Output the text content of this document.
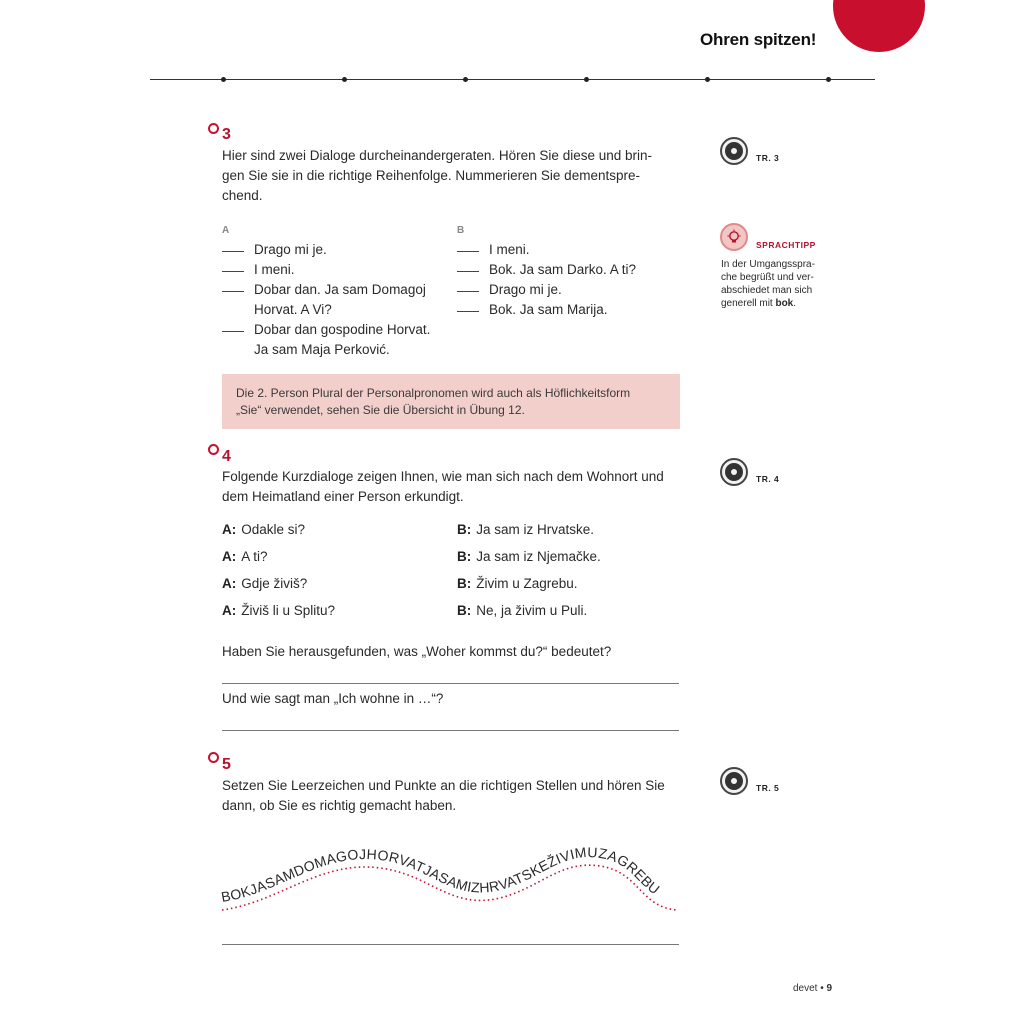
Ohren spitzen!
3
Hier sind zwei Dialoge durcheinandergeraten. Hören Sie diese und brin-
gen Sie sie in die richtige Reihenfolge. Nummerieren Sie dementspre-
chend.
TR. 3
A	B
Drago mi je.
I meni.
Dobar dan. Ja sam Domagoj
Horvat. A Vi?
Dobar dan gospodine Horvat.
Ja sam Maja Perković.
I meni.
Bok. Ja sam Darko. A ti?
Drago mi je.
Bok. Ja sam Marija.
SPRACHTIPP
In der Umgangsspra-
che begrüßt und ver-
abschiedet man sich
generell mit bok.
Die 2. Person Plural der Personalpronomen wird auch als Höflichkeitsform
„Sie“ verwendet, sehen Sie die Übersicht in Übung 12.
4
Folgende Kurzdialoge zeigen Ihnen, wie man sich nach dem Wohnort und
dem Heimatland einer Person erkundigt.
TR. 4
A: Odakle si?
A: A ti?
A: Gdje živiš?
A: Živiš li u Splitu?
B: Ja sam iz Hrvatske.
B: Ja sam iz Njemačke.
B: Živim u Zagrebu.
B: Ne, ja živim u Puli.
Haben Sie herausgefunden, was „Woher kommst du?“ bedeutet?
Und wie sagt man „Ich wohne in …“?
5
Setzen Sie Leerzeichen und Punkte an die richtigen Stellen und hören Sie
dann, ob Sie es richtig gemacht haben.
TR. 5
BOKJASAMDOMAGOJHORVATJASAMIZHRVATSKEŽIVIMUZAGREBU
devet • 9
